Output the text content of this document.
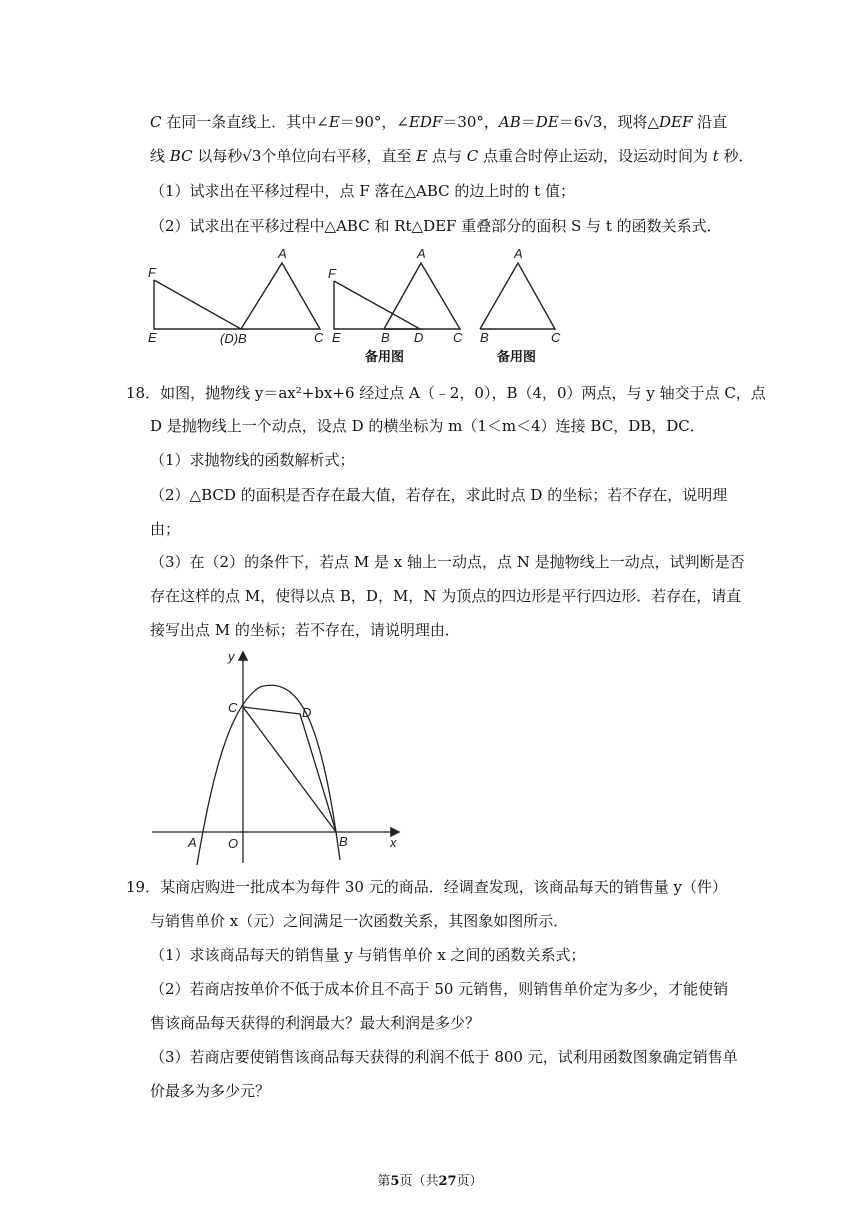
C 在同一条直线上．其中∠E＝90°，∠EDF＝30°，AB＝DE＝6√3，现将△DEF 沿直
线 BC 以每秒√3个单位向右平移，直至 E 点与 C 点重合时停止运动，设运动时间为 t 秒．
（1）试求出在平移过程中，点 F 落在△ABC 的边上时的 t 值；
（2）试求出在平移过程中△ABC 和 Rt△DEF 重叠部分的面积 S 与 t 的函数关系式．
F
E	(D)B
A
C
F
E	B D
A
C
A
B	C
备用图	备用图
18．如图，抛物线 y＝ax²+bx+6 经过点 A（﹣2，0），B（4，0）两点，与 y 轴交于点 C，点
D 是抛物线上一个动点，设点 D 的横坐标为 m（1＜m＜4）连接 BC，DB，DC．
（1）求抛物线的函数解析式；
（2）△BCD 的面积是否存在最大值，若存在，求此时点 D 的坐标；若不存在，说明理
由；
（3）在（2）的条件下，若点 M 是 x 轴上一动点，点 N 是抛物线上一动点，试判断是否
存在这样的点 M，使得以点 B，D，M，N 为顶点的四边形是平行四边形．若存在，请直
接写出点 M 的坐标；若不存在，请说明理由．
y
x
C	D
A O	B
19．某商店购进一批成本为每件 30 元的商品．经调查发现，该商品每天的销售量 y（件）
与销售单价 x（元）之间满足一次函数关系，其图象如图所示．
（1）求该商品每天的销售量 y 与销售单价 x 之间的函数关系式；
（2）若商店按单价不低于成本价且不高于 50 元销售，则销售单价定为多少，才能使销
售该商品每天获得的利润最大？最大利润是多少？
（3）若商店要使销售该商品每天获得的利润不低于 800 元，试利用函数图象确定销售单
价最多为多少元？
第5页（共27页）
